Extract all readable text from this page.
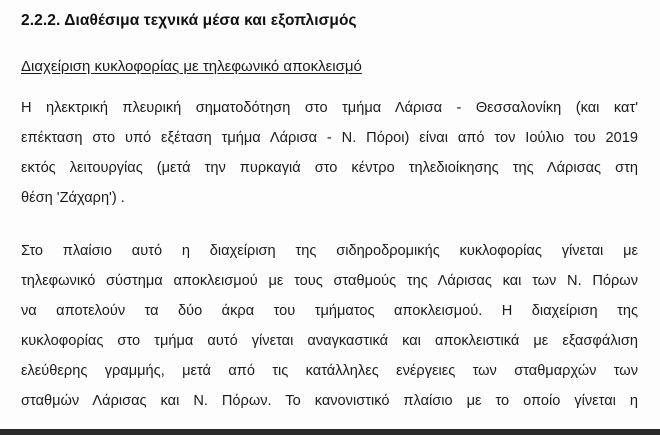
2.2.2. Διαθέσιμα τεχνικά μέσα και εξοπλισμός
Διαχείριση κυκλοφορίας με τηλεφωνικό αποκλεισμό
Η ηλεκτρική πλευρική σηματοδότηση στο τμήμα Λάρισα - Θεσσαλονίκη (και κατ'
επέκταση στο υπό εξέταση τμήμα Λάρισα - Ν. Πόροι) είναι από τον Ιούλιο του 2019
εκτός λειτουργίας (μετά την πυρκαγιά στο κέντρο τηλεδιοίκησης της Λάρισας στη
θέση 'Ζάχαρη') .
Στο πλαίσιο αυτό η διαχείριση της σιδηροδρομικής κυκλοφορίας γίνεται με
τηλεφωνικό σύστημα αποκλεισμού με τους σταθμούς της Λάρισας και των Ν. Πόρων
να αποτελούν τα δύο άκρα του τμήματος αποκλεισμού. Η διαχείριση της
κυκλοφορίας στο τμήμα αυτό γίνεται αναγκαστικά και αποκλειστικά με εξασφάλιση
ελεύθερης γραμμής, μετά από τις κατάλληλες ενέργειες των σταθμαρχών των
σταθμών Λάρισας και Ν. Πόρων. Το κανονιστικό πλαίσιο με το οποίο γίνεται η
